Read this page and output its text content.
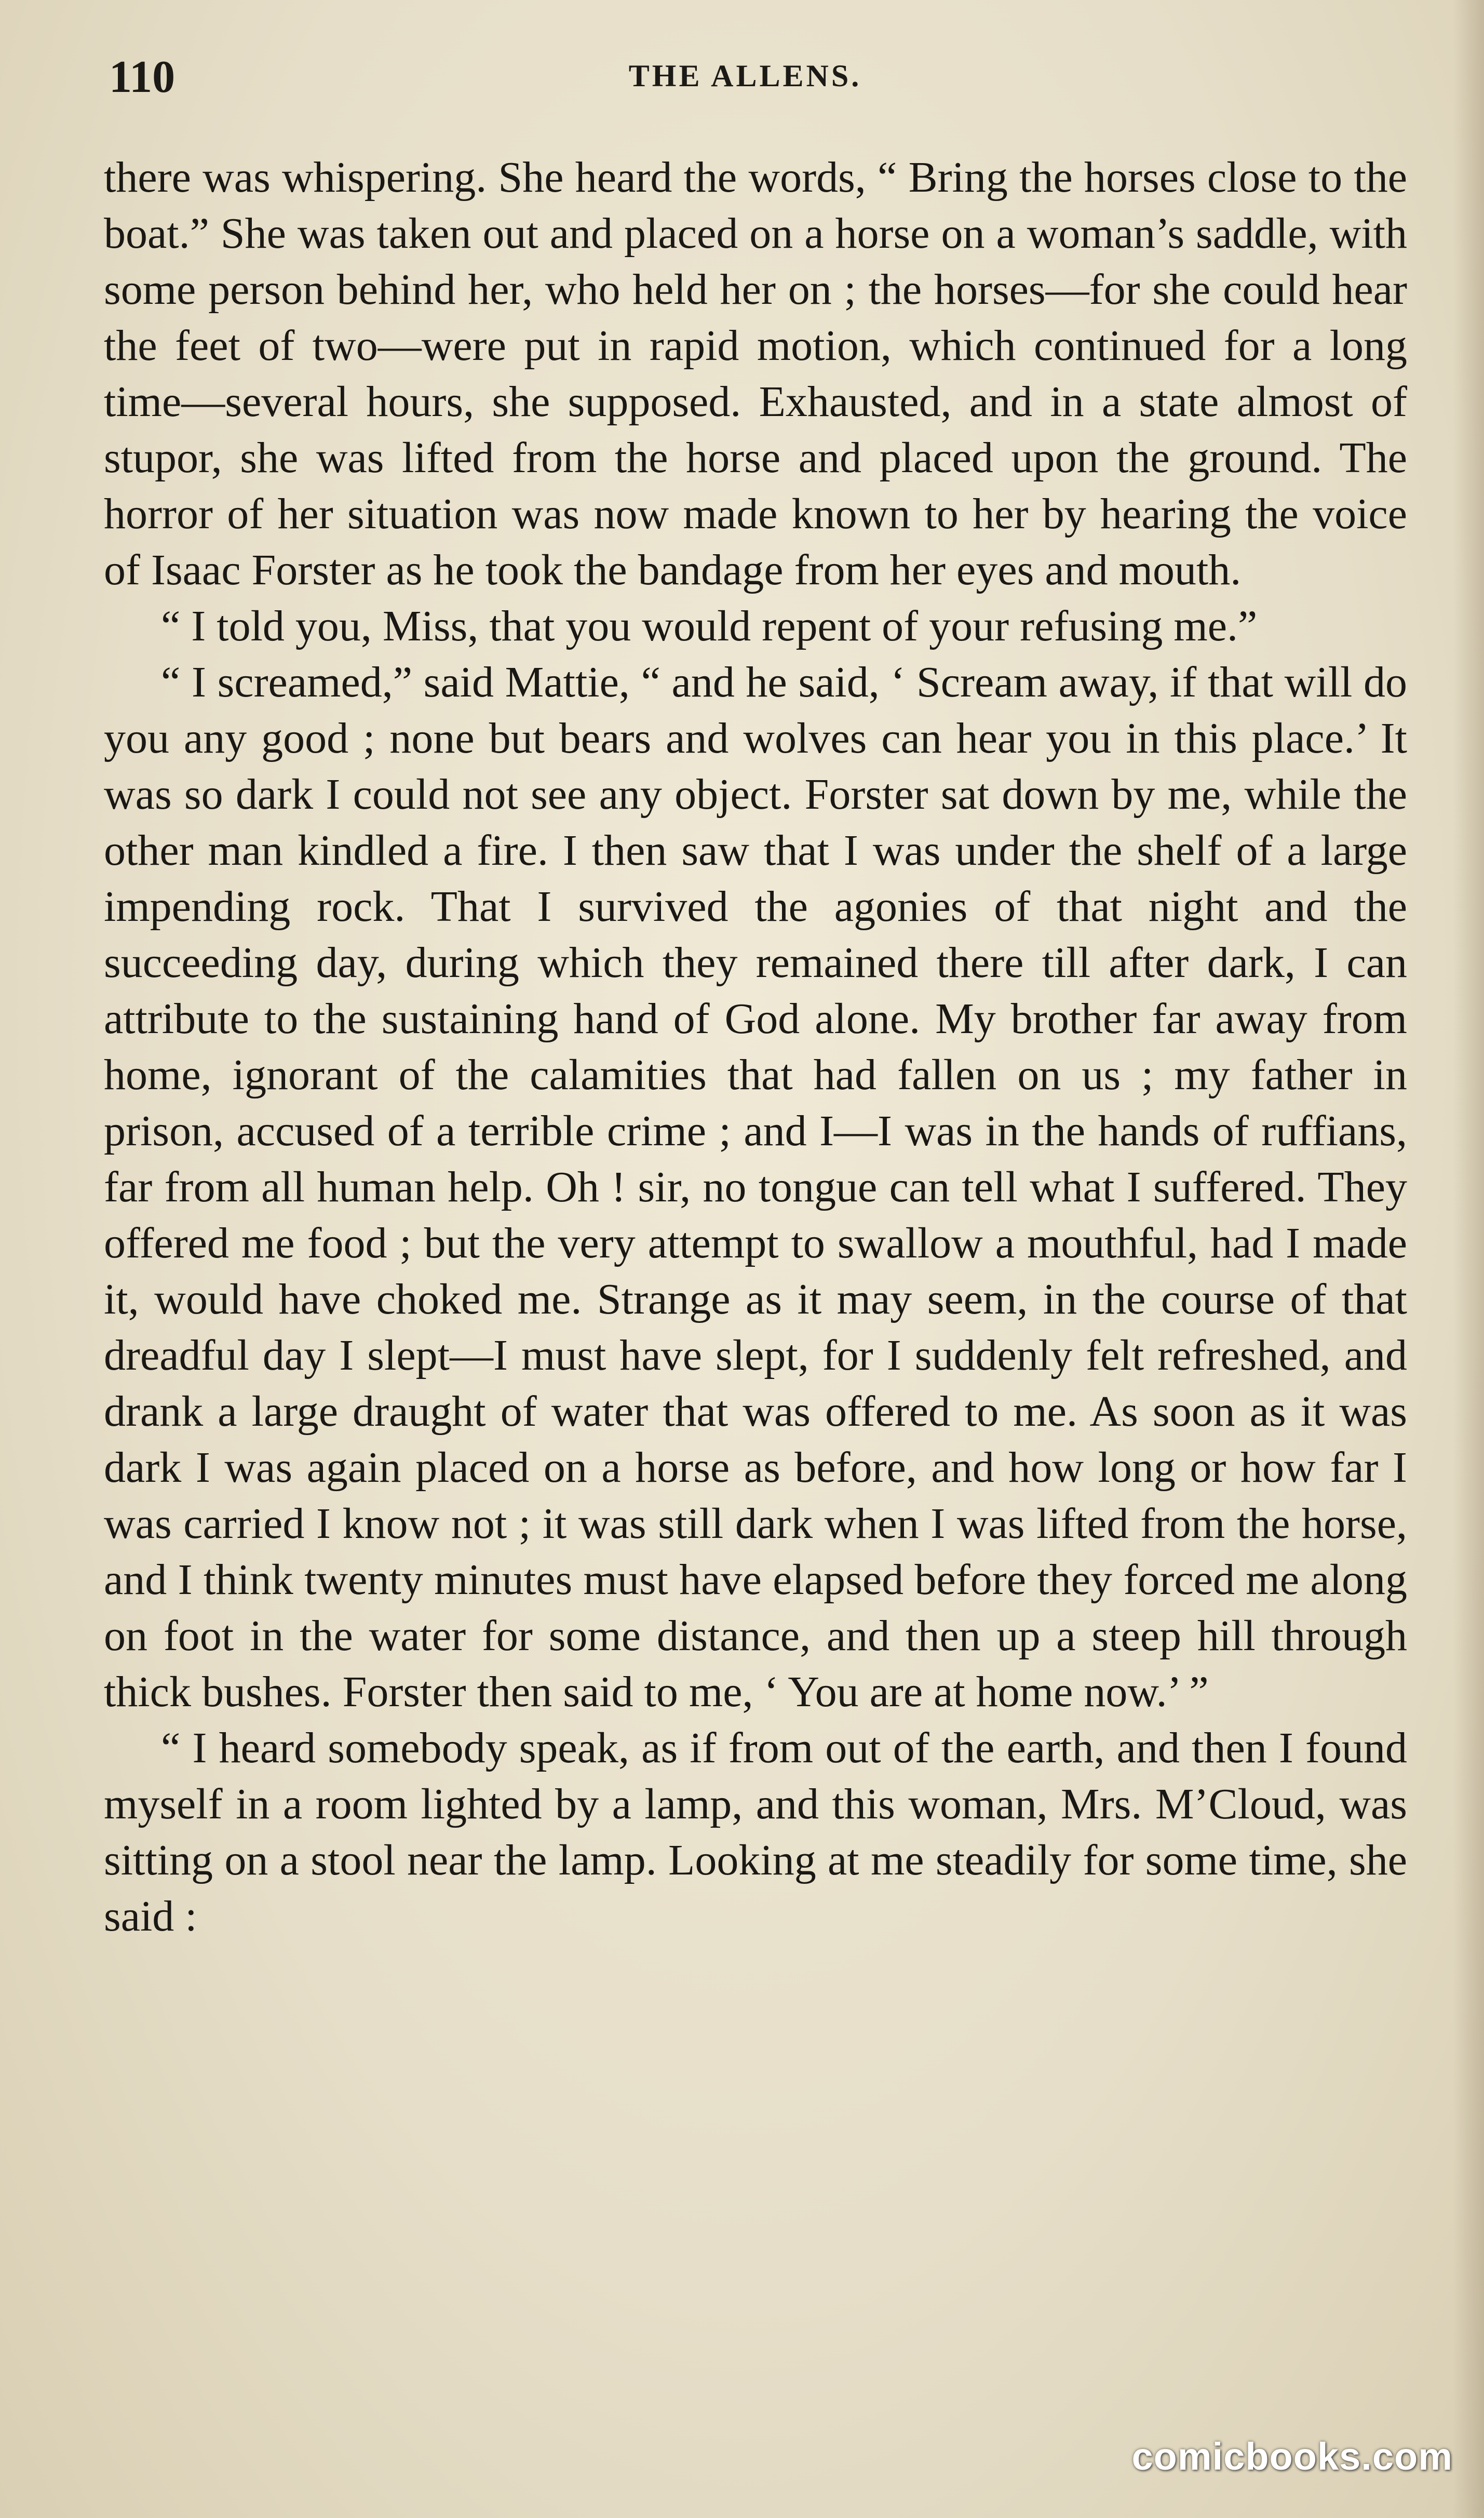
110	THE ALLENS.

there was whispering. She heard the words, “ Bring the horses close to the boat.” She was taken out and placed on a horse on a woman’s saddle, with some person behind her, who held her on ; the horses—for she could hear the feet of two—were put in rapid motion, which continued for a long time—several hours, she supposed. Exhausted, and in a state almost of stupor, she was lifted from the horse and placed upon the ground. The horror of her situation was now made known to her by hearing the voice of Isaac Forster as he took the bandage from her eyes and mouth.

“ I told you, Miss, that you would repent of your refusing me.”

“ I screamed,” said Mattie, “ and he said, ‘ Scream away, if that will do you any good ; none but bears and wolves can hear you in this place.’ It was so dark I could not see any object. Forster sat down by me, while the other man kindled a fire. I then saw that I was under the shelf of a large impending rock. That I survived the agonies of that night and the succeeding day, during which they remained there till after dark, I can attribute to the sustaining hand of God alone. My brother far away from home, ignorant of the calamities that had fallen on us ; my father in prison, accused of a terrible crime ; and I—I was in the hands of ruffians, far from all human help. Oh ! sir, no tongue can tell what I suffered. They offered me food ; but the very attempt to swallow a mouthful, had I made it, would have choked me. Strange as it may seem, in the course of that dreadful day I slept—I must have slept, for I suddenly felt refreshed, and drank a large draught of water that was offered to me. As soon as it was dark I was again placed on a horse as before, and how long or how far I was carried I know not ; it was still dark when I was lifted from the horse, and I think twenty minutes must have elapsed before they forced me along on foot in the water for some distance, and then up a steep hill through thick bushes. Forster then said to me, ‘ You are at home now.’ ”

“ I heard somebody speak, as if from out of the earth, and then I found myself in a room lighted by a lamp, and this woman, Mrs. M’Cloud, was sitting on a stool near the lamp. Looking at me steadily for some time, she said :

comicbooks.com
